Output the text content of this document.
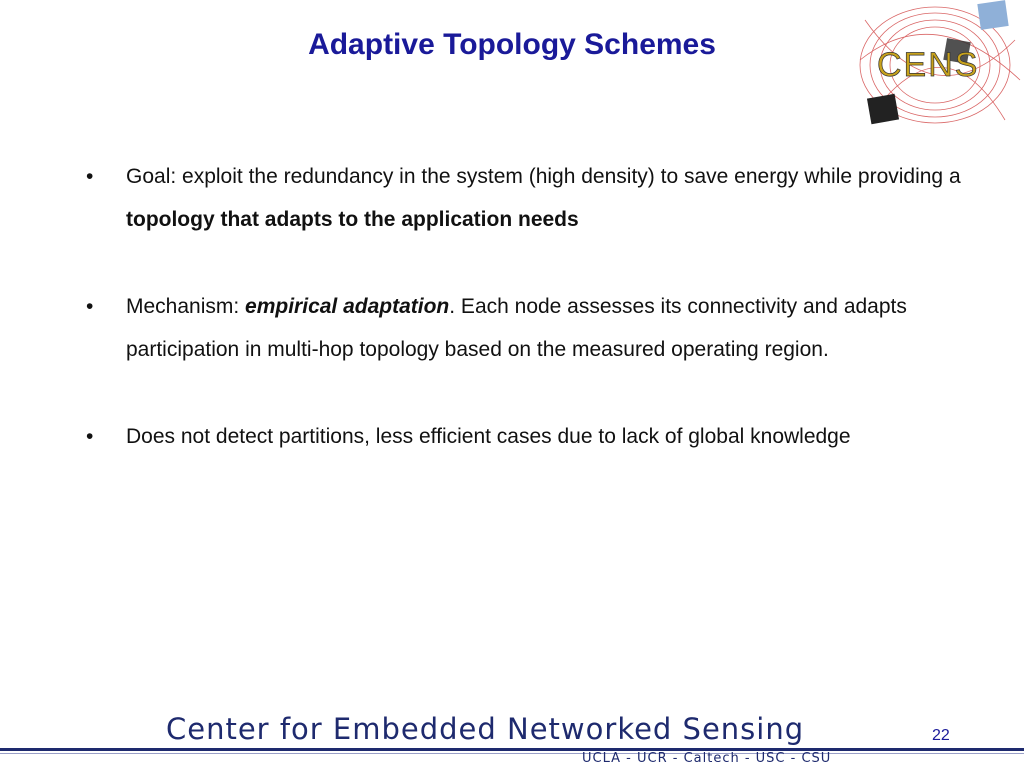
Adaptive Topology Schemes
CENS
•	Goal: exploit the redundancy in the system (high density) to save energy while providing a topology that adapts to the application needs
•	Mechanism: empirical adaptation. Each node assesses its connectivity and adapts participation in multi-hop topology based on the measured operating region.
•	Does not detect partitions, less efficient cases due to lack of global knowledge
Center for Embedded Networked Sensing	22
UCLA - UCR - Caltech - USC - CSU
